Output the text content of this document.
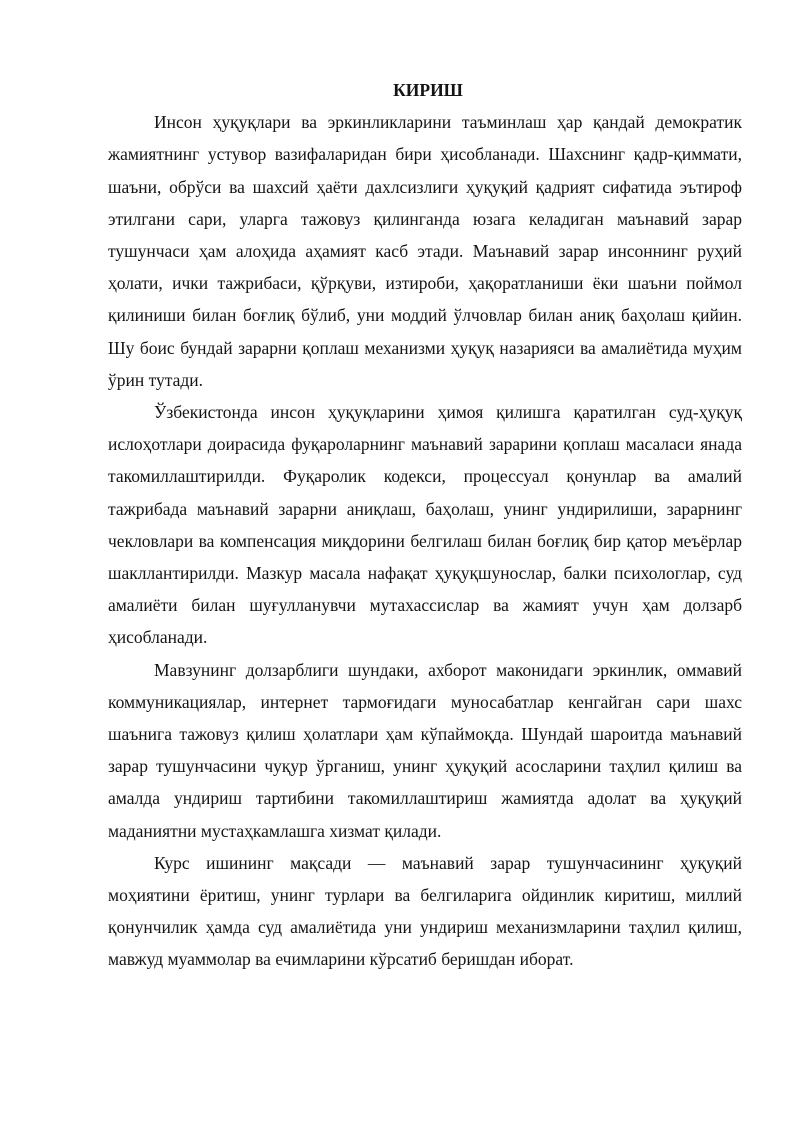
КИРИШ

Инсон ҳуқуқлари ва эркинликларини таъминлаш ҳар қандай демократик жамиятнинг устувор вазифаларидан бири ҳисобланади. Шахснинг қадр-қиммати, шаъни, обрўси ва шахсий ҳаёти дахлсизлиги ҳуқуқий қадрият сифатида эътироф этилгани сари, уларга тажовуз қилинганда юзага келадиган маънавий зарар тушунчаси ҳам алоҳида аҳамият касб этади. Маънавий зарар инсоннинг руҳий ҳолати, ички тажрибаси, қўрқуви, изтироби, ҳақоратланиши ёки шаъни поймол қилиниши билан боғлиқ бўлиб, уни моддий ўлчовлар билан аниқ баҳолаш қийин. Шу боис бундай зарарни қоплаш механизми ҳуқуқ назарияси ва амалиётида муҳим ўрин тутади.

Ўзбекистонда инсон ҳуқуқларини ҳимоя қилишга қаратилган суд-ҳуқуқ ислоҳотлари доирасида фуқароларнинг маънавий зарарини қоплаш масаласи янада такомиллаштирилди. Фуқаролик кодекси, процессуал қонунлар ва амалий тажрибада маънавий зарарни аниқлаш, баҳолаш, унинг ундирилиши, зарарнинг чекловлари ва компенсация миқдорини белгилаш билан боғлиқ бир қатор меъёрлар шакллантирилди. Мазкур масала нафақат ҳуқуқшунослар, балки психологлар, суд амалиёти билан шуғулланувчи мутахассислар ва жамият учун ҳам долзарб ҳисобланади.

Мавзунинг долзарблиги шундаки, ахборот маконидаги эркинлик, оммавий коммуникациялар, интернет тармоғидаги муносабатлар кенгайган сари шахс шаънига тажовуз қилиш ҳолатлари ҳам кўпаймоқда. Шундай шароитда маънавий зарар тушунчасини чуқур ўрганиш, унинг ҳуқуқий асосларини таҳлил қилиш ва амалда ундириш тартибини такомиллаштириш жамиятда адолат ва ҳуқуқий маданиятни мустаҳкамлашга хизмат қилади.

Курс ишининг мақсади — маънавий зарар тушунчасининг ҳуқуқий моҳиятини ёритиш, унинг турлари ва белгиларига ойдинлик киритиш, миллий қонунчилик ҳамда суд амалиётида уни ундириш механизмларини таҳлил қилиш, мавжуд муаммолар ва ечимларини кўрсатиб беришдан иборат.
